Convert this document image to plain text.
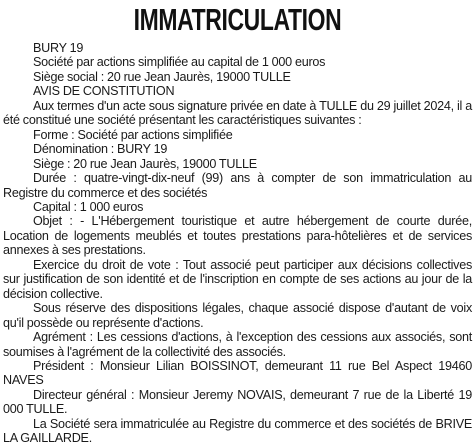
IMMATRICULATION
BURY 19
Société par actions simplifiée au capital de 1 000 euros
Siège social : 20 rue Jean Jaurès, 19000 TULLE
AVIS DE CONSTITUTION

Aux termes d'un acte sous signature privée en date à TULLE du 29 juillet 2024, il a été constitué une société présentant les caractéristiques suivantes :

Forme : Société par actions simplifiée
Dénomination : BURY 19
Siège : 20 rue Jean Jaurès, 19000 TULLE

Durée : quatre-vingt-dix-neuf (99) ans à compter de son immatriculation au Registre du commerce et des sociétés

Capital : 1 000 euros

Objet : - L'Hébergement touristique et autre hébergement de courte durée, Location de logements meublés et toutes prestations para-hôtelières et de services annexes à ses prestations.

Exercice du droit de vote : Tout associé peut participer aux décisions collectives sur justification de son identité et de l'inscription en compte de ses actions au jour de la décision collective.

Sous réserve des dispositions légales, chaque associé dispose d'autant de voix qu'il possède ou représente d'actions.

Agrément : Les cessions d'actions, à l'exception des cessions aux associés, sont soumises à l'agrément de la collectivité des associés.

Président : Monsieur Lilian BOISSINOT, demeurant 11 rue Bel Aspect 19460 NAVES

Directeur général : Monsieur Jeremy NOVAIS, demeurant 7 rue de la Liberté 19 000 TULLE.

La Société sera immatriculée au Registre du commerce et des sociétés de BRIVE LA GAILLARDE.
